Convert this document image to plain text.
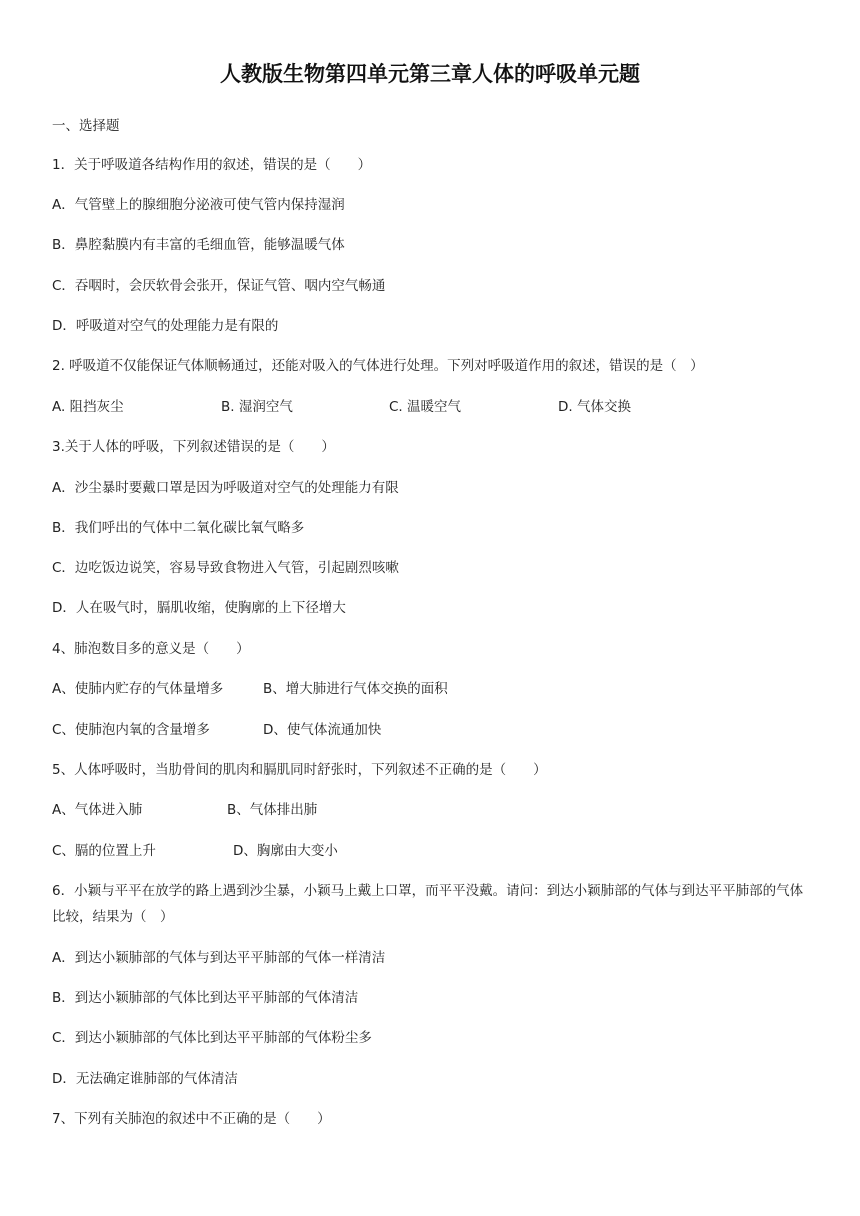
人教版生物第四单元第三章人体的呼吸单元题
一、选择题
1．关于呼吸道各结构作用的叙述，错误的是（　　）
A．气管壁上的腺细胞分泌液可使气管内保持湿润
B．鼻腔黏膜内有丰富的毛细血管，能够温暖气体
C．吞咽时，会厌软骨会张开，保证气管、咽内空气畅通
D．呼吸道对空气的处理能力是有限的
2. 呼吸道不仅能保证气体顺畅通过，还能对吸入的气体进行处理。下列对呼吸道作用的叙述，错误的是（　）
A. 阻挡灰尘	B. 湿润空气	C. 温暖空气	D. 气体交换
3.关于人体的呼吸，下列叙述错误的是（　　）
A．沙尘暴时要戴口罩是因为呼吸道对空气的处理能力有限
B．我们呼出的气体中二氧化碳比氧气略多
C．边吃饭边说笑，容易导致食物进入气管，引起剧烈咳嗽
D．人在吸气时，膈肌收缩，使胸廓的上下径增大
4、肺泡数目多的意义是（　　）
A、使肺内贮存的气体量增多	B、增大肺进行气体交换的面积
C、使肺泡内氧的含量增多	D、使气体流通加快
5、人体呼吸时，当肋骨间的肌肉和膈肌同时舒张时，下列叙述不正确的是（　　）
A、气体进入肺	B、气体排出肺
C、膈的位置上升	D、胸廓由大变小
6．小颖与平平在放学的路上遇到沙尘暴，小颖马上戴上口罩，而平平没戴。请问：到达小颖肺部的气体与到达平平肺部的气体比较，结果为（　）
A．到达小颖肺部的气体与到达平平肺部的气体一样清洁
B．到达小颖肺部的气体比到达平平肺部的气体清洁
C．到达小颖肺部的气体比到达平平肺部的气体粉尘多
D．无法确定谁肺部的气体清洁
7、下列有关肺泡的叙述中不正确的是（　　）
